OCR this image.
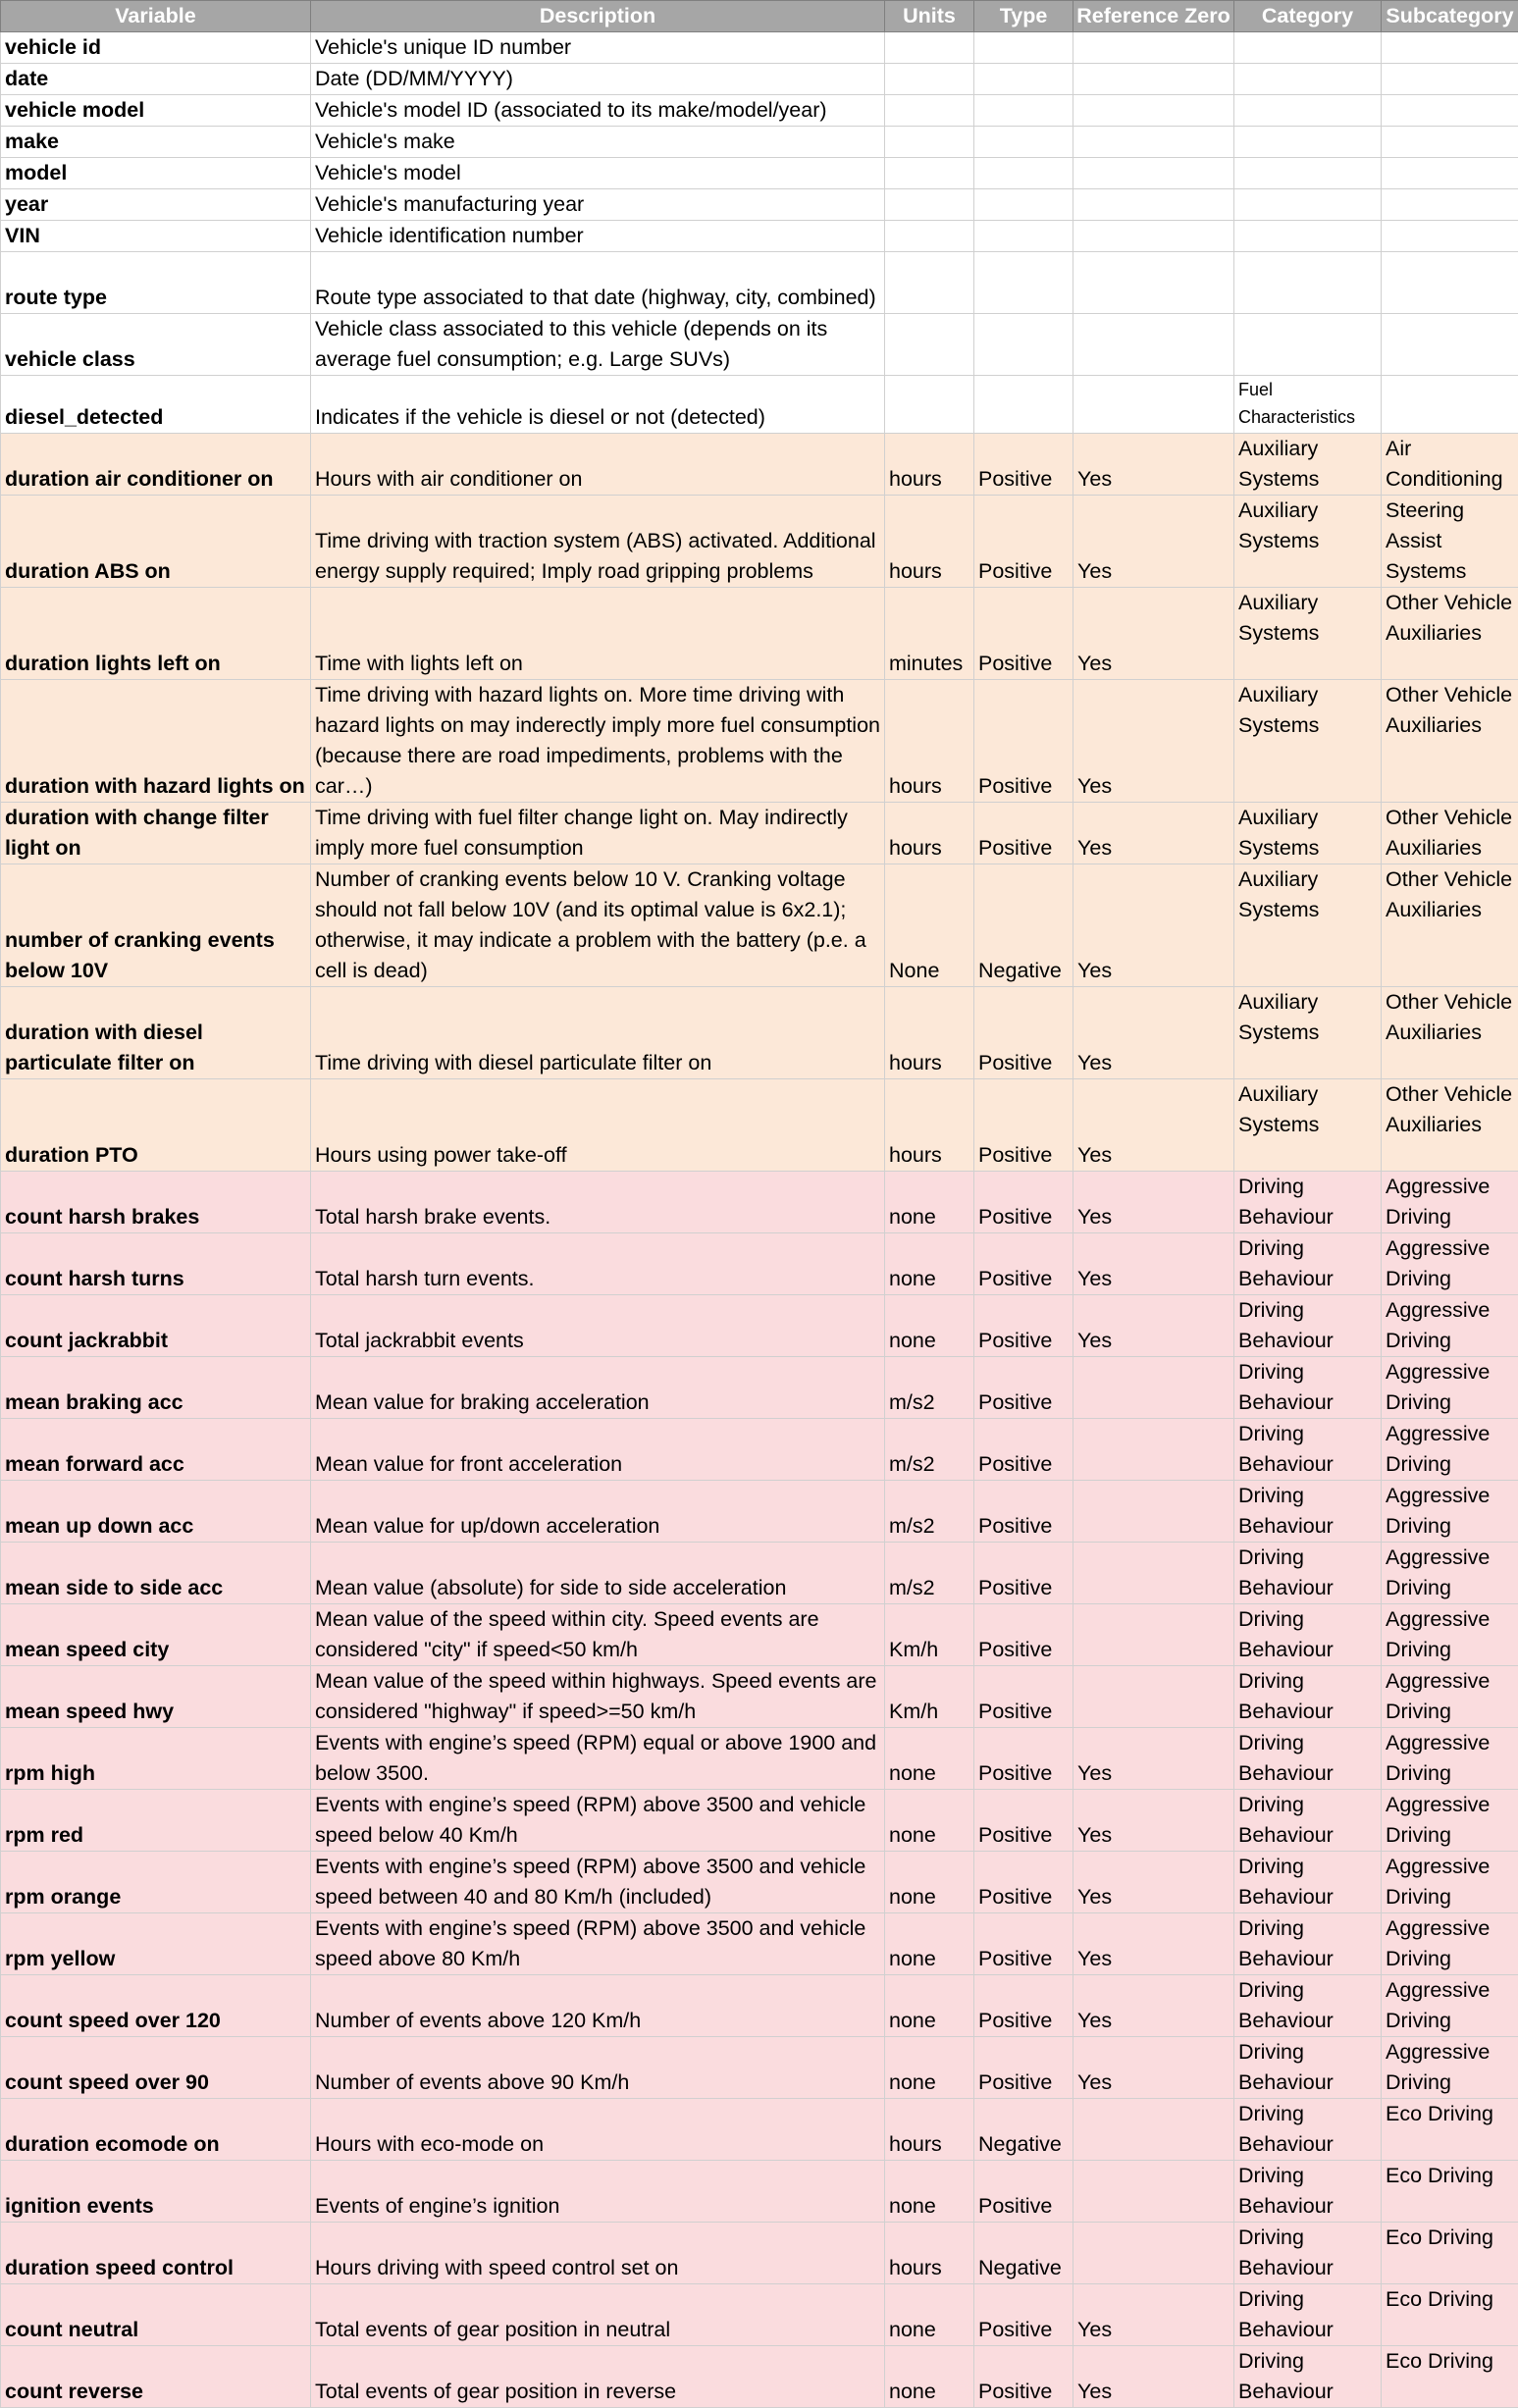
Variable	Description	Units	Type	Reference Zero	Category	Subcategory
vehicle id	Vehicle's unique ID number					
date	Date (DD/MM/YYYY)					
vehicle model	Vehicle's model ID (associated to its make/model/year)					
make	Vehicle's make					
model	Vehicle's model					
year	Vehicle's manufacturing year					
VIN	Vehicle identification number					
route type	Route type associated to that date (highway, city, combined)					
vehicle class	Vehicle class associated to this vehicle (depends on its average fuel consumption; e.g. Large SUVs)					
diesel_detected	Indicates if the vehicle is diesel or not (detected)				Fuel Characteristics	
duration air conditioner on	Hours with air conditioner on	hours	Positive	Yes	Auxiliary Systems	Air Conditioning
duration ABS on	Time driving with traction system (ABS) activated. Additional energy supply required; Imply road gripping problems	hours	Positive	Yes	Auxiliary Systems	Steering Assist Systems
duration lights left on	Time with lights left on	minutes	Positive	Yes	Auxiliary Systems	Other Vehicle Auxiliaries
duration with hazard lights on	Time driving with hazard lights on. More time driving with hazard lights on may inderectly imply more fuel consumption (because there are road impediments, problems with the car…)	hours	Positive	Yes	Auxiliary Systems	Other Vehicle Auxiliaries
duration with change filter light on	Time driving with fuel filter change light on. May indirectly imply more fuel consumption	hours	Positive	Yes	Auxiliary Systems	Other Vehicle Auxiliaries
number of cranking events below 10V	Number of cranking events below 10 V. Cranking voltage should not fall below 10V (and its optimal value is 6x2.1); otherwise, it may indicate a problem with the battery (p.e. a cell is dead)	None	Negative	Yes	Auxiliary Systems	Other Vehicle Auxiliaries
duration with diesel particulate filter on	Time driving with diesel particulate filter on	hours	Positive	Yes	Auxiliary Systems	Other Vehicle Auxiliaries
duration PTO	Hours using power take-off	hours	Positive	Yes	Auxiliary Systems	Other Vehicle Auxiliaries
count harsh brakes	Total harsh brake events.	none	Positive	Yes	Driving Behaviour	Aggressive Driving
count harsh turns	Total harsh turn events.	none	Positive	Yes	Driving Behaviour	Aggressive Driving
count jackrabbit	Total jackrabbit events	none	Positive	Yes	Driving Behaviour	Aggressive Driving
mean braking acc	Mean value for braking acceleration	m/s2	Positive		Driving Behaviour	Aggressive Driving
mean forward acc	Mean value for front acceleration	m/s2	Positive		Driving Behaviour	Aggressive Driving
mean up down acc	Mean value for up/down acceleration	m/s2	Positive		Driving Behaviour	Aggressive Driving
mean side to side acc	Mean value (absolute) for side to side acceleration	m/s2	Positive		Driving Behaviour	Aggressive Driving
mean speed city	Mean value of the speed within city. Speed events are considered "city" if speed<50 km/h	Km/h	Positive		Driving Behaviour	Aggressive Driving
mean speed hwy	Mean value of the speed within highways. Speed events are considered "highway" if speed>=50 km/h	Km/h	Positive		Driving Behaviour	Aggressive Driving
rpm high	Events with engine’s speed (RPM) equal or above 1900 and below 3500.	none	Positive	Yes	Driving Behaviour	Aggressive Driving
rpm red	Events with engine’s speed (RPM) above 3500 and vehicle speed below 40 Km/h	none	Positive	Yes	Driving Behaviour	Aggressive Driving
rpm orange	Events with engine’s speed (RPM) above 3500 and vehicle speed between 40 and 80 Km/h (included)	none	Positive	Yes	Driving Behaviour	Aggressive Driving
rpm yellow	Events with engine’s speed (RPM) above 3500 and vehicle speed above 80 Km/h	none	Positive	Yes	Driving Behaviour	Aggressive Driving
count speed over 120	Number of events above 120 Km/h	none	Positive	Yes	Driving Behaviour	Aggressive Driving
count speed over 90	Number of events above 90 Km/h	none	Positive	Yes	Driving Behaviour	Aggressive Driving
duration ecomode on	Hours with eco-mode on	hours	Negative		Driving Behaviour	Eco Driving
ignition events	Events of engine’s ignition	none	Positive		Driving Behaviour	Eco Driving
duration speed control	Hours driving with speed control set on	hours	Negative		Driving Behaviour	Eco Driving
count neutral	Total events of gear position in neutral	none	Positive	Yes	Driving Behaviour	Eco Driving
count reverse	Total events of gear position in reverse	none	Positive	Yes	Driving Behaviour	Eco Driving
